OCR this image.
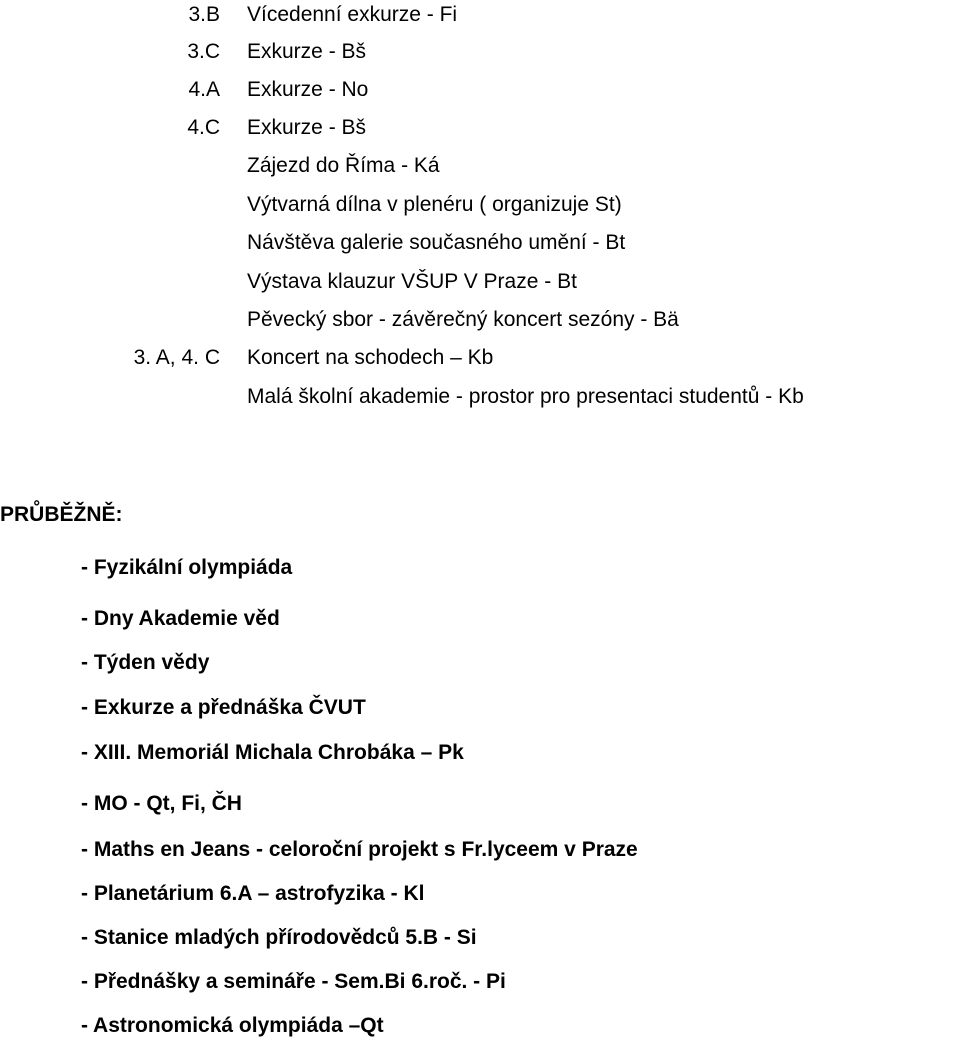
3.B Vícedenní exkurze - Fi
3.C Exkurze - Bš
4.A Exkurze - No
4.C Exkurze - Bš
Zájezd do Říma - Ká
Výtvarná dílna v plenéru ( organizuje St)
Návštěva galerie současného umění - Bt
Výstava klauzur VŠUP V Praze - Bt
Pěvecký sbor - závěrečný koncert sezóny - Bä
3. A, 4. C Koncert na schodech – Kb
Malá školní akademie - prostor pro presentaci studentů - Kb
PRŮBĚŽNĚ:
- Fyzikální olympiáda
- Dny Akademie věd
- Týden vědy
- Exkurze a přednáška ČVUT
- XIII. Memoriál Michala Chrobáka – Pk
- MO - Qt, Fi, ČH
- Maths en Jeans - celoroční projekt s Fr.lyceem v Praze
- Planetárium 6.A – astrofyzika - Kl
- Stanice mladých přírodovědců 5.B - Si
- Přednášky a semináře - Sem.Bi 6.roč. - Pi
- Astronomická olympiáda –Qt
